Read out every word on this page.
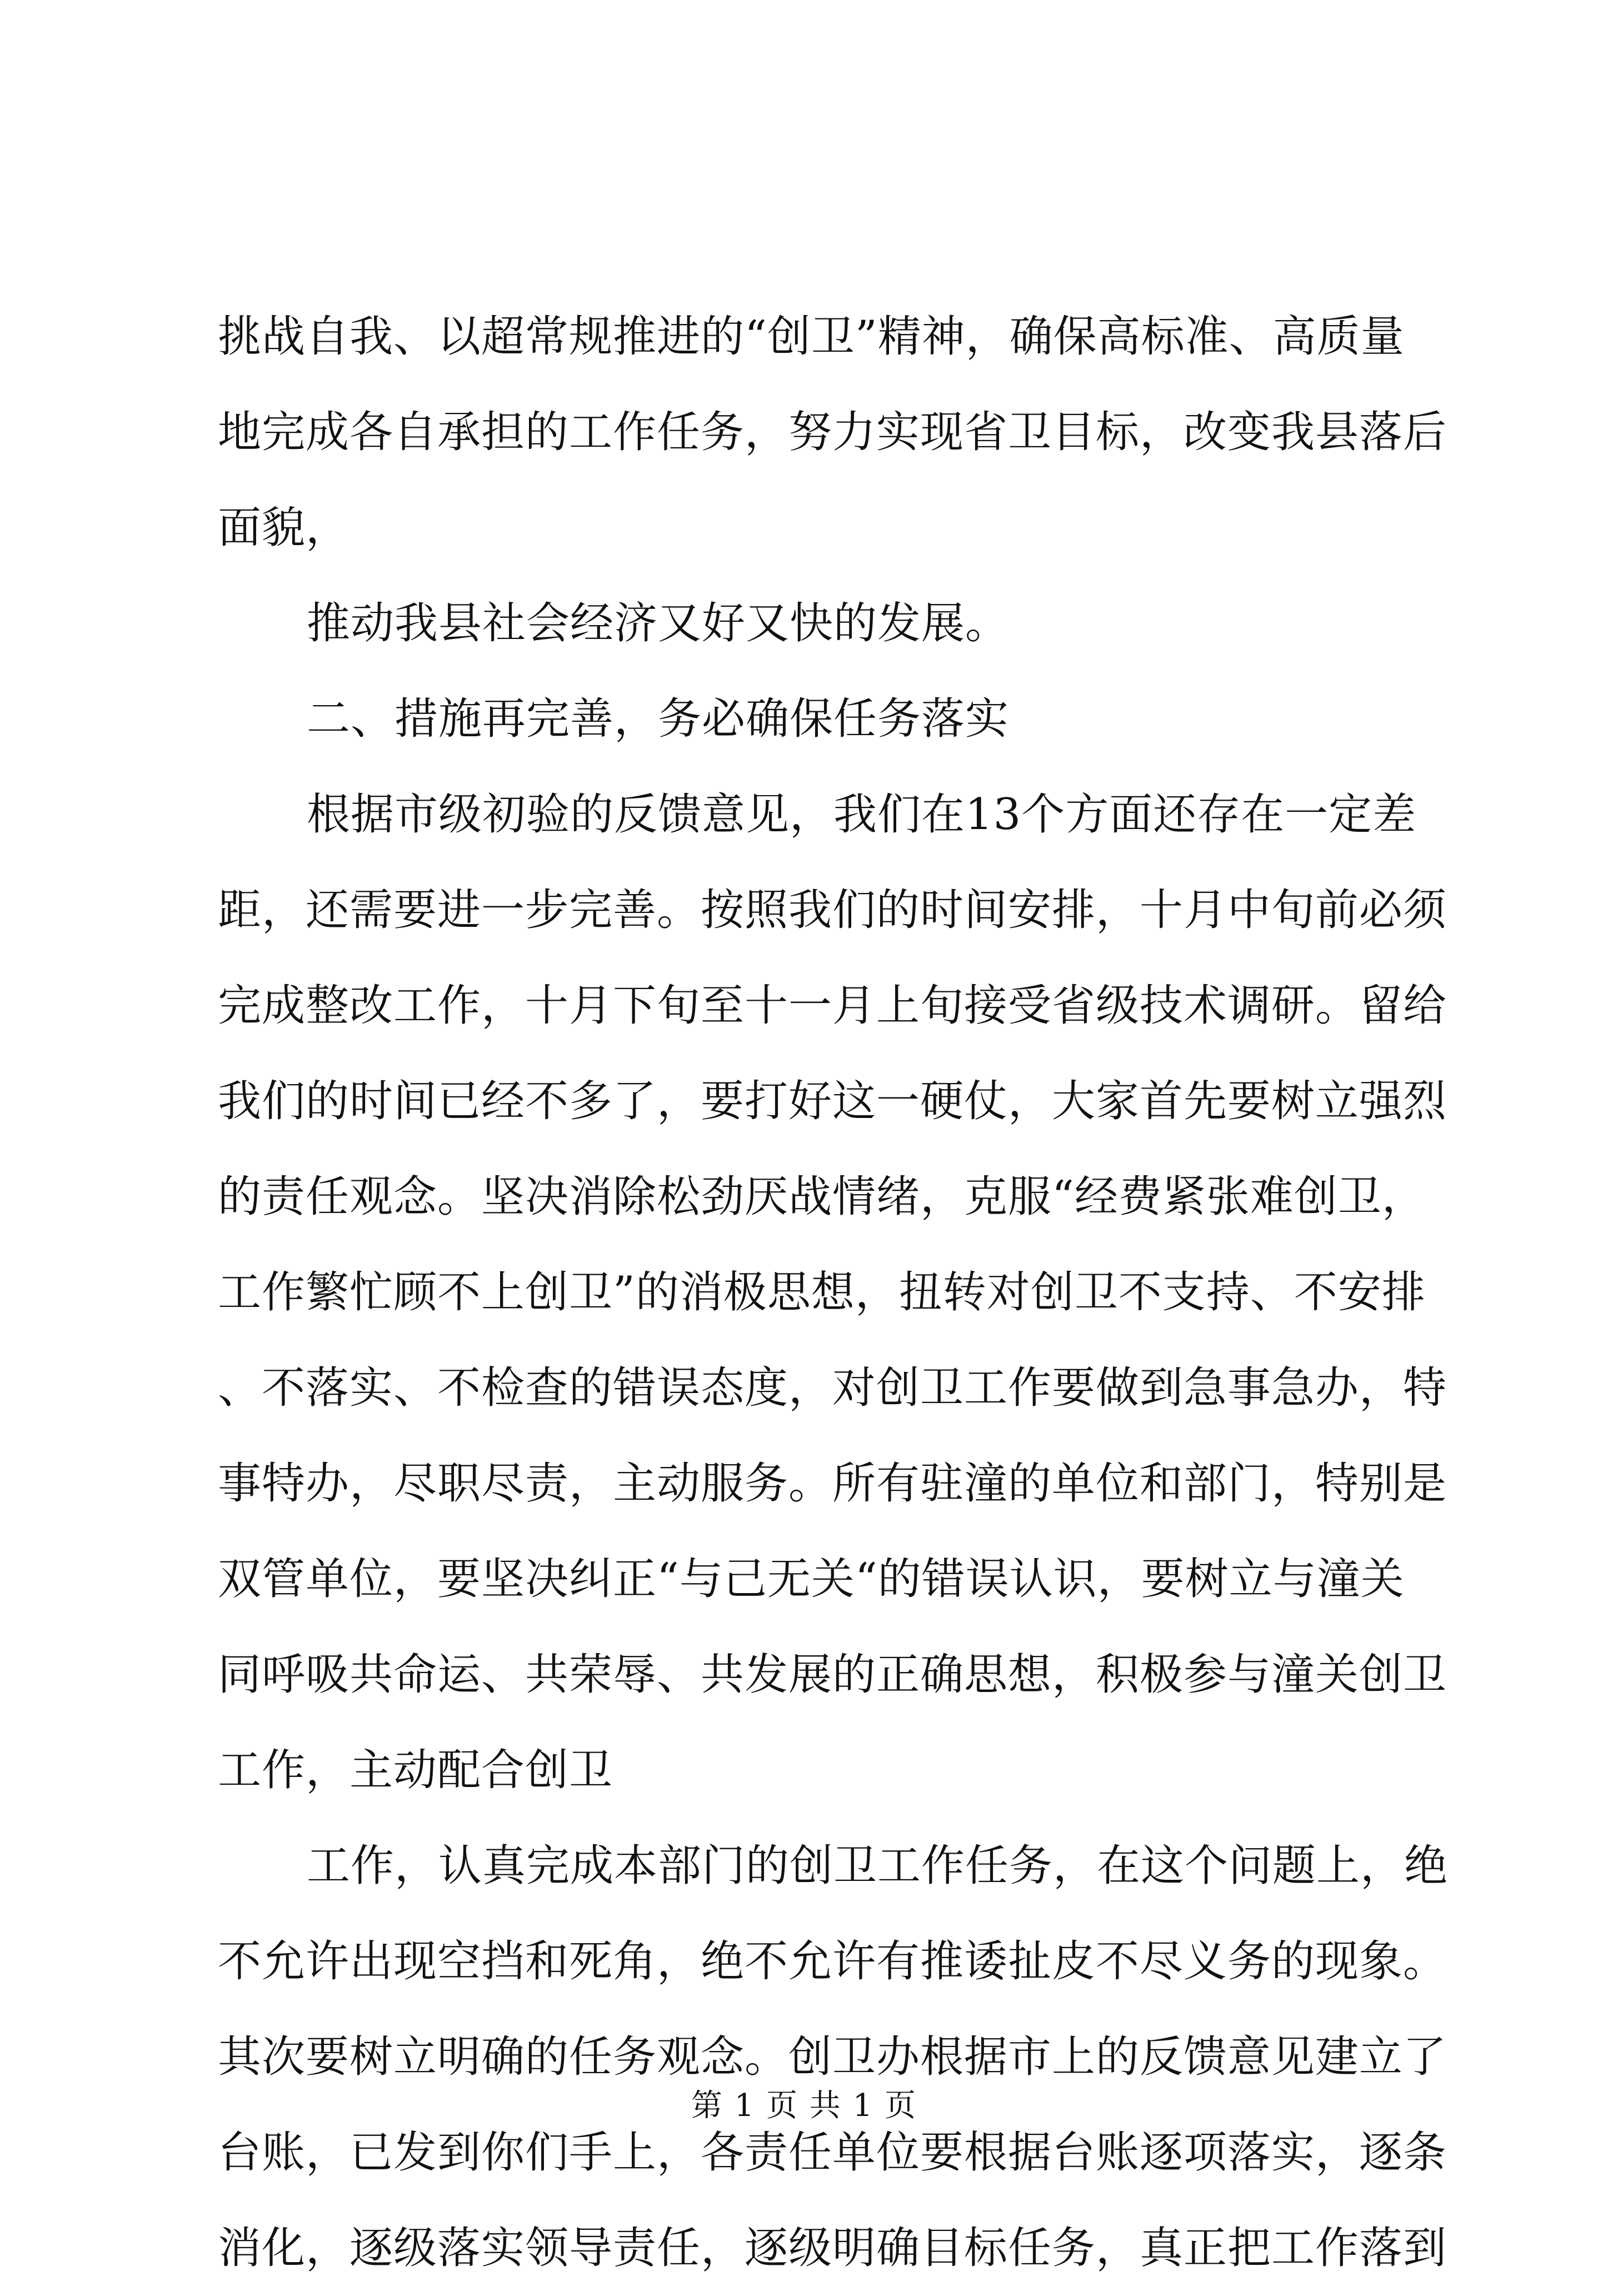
挑战自我、以超常规推进的“创卫”精神，确保高标准、高质量
地完成各自承担的工作任务，努力实现省卫目标，改变我县落后
面貌，
推动我县社会经济又好又快的发展。
二、措施再完善，务必确保任务落实
根据市级初验的反馈意见，我们在13个方面还存在一定差
距，还需要进一步完善。按照我们的时间安排，十月中旬前必须
完成整改工作，十月下旬至十一月上旬接受省级技术调研。留给
我们的时间已经不多了，要打好这一硬仗，大家首先要树立强烈
的责任观念。坚决消除松劲厌战情绪，克服“经费紧张难创卫，
工作繁忙顾不上创卫”的消极思想，扭转对创卫不支持、不安排
、不落实、不检查的错误态度，对创卫工作要做到急事急办，特
事特办，尽职尽责，主动服务。所有驻潼的单位和部门，特别是
双管单位，要坚决纠正“与己无关“的错误认识，要树立与潼关
同呼吸共命运、共荣辱、共发展的正确思想，积极参与潼关创卫
工作，主动配合创卫
工作，认真完成本部门的创卫工作任务，在这个问题上，绝
不允许出现空挡和死角，绝不允许有推诿扯皮不尽义务的现象。
其次要树立明确的任务观念。创卫办根据市上的反馈意见建立了
台账，已发到你们手上，各责任单位要根据台账逐项落实，逐条
消化，逐级落实领导责任，逐级明确目标任务，真正把工作落到
第 1 页 共 1 页
